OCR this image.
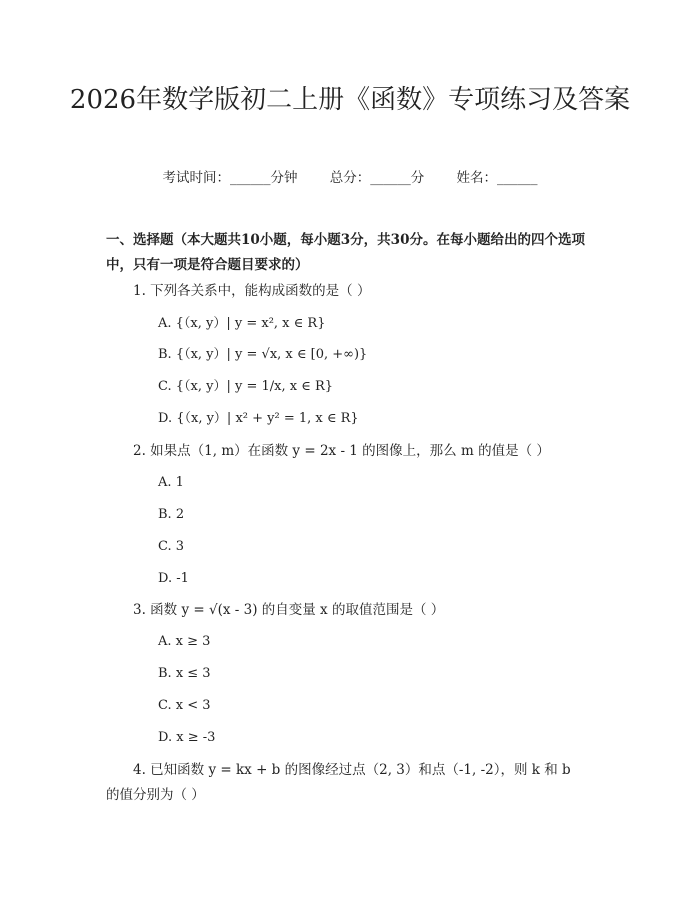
2026年数学版初二上册《函数》专项练习及答案
考试时间：______分钟 总分：______分 姓名：______
一、选择题（本大题共10小题，每小题3分，共30分。在每小题给出的四个选项中，只有一项是符合题目要求的）
1. 下列各关系中，能构成函数的是（ ）
A. {（x, y）| y = x², x ∈ R}
B. {（x, y）| y = √x, x ∈ [0, +∞)}
C. {（x, y）| y = 1/x, x ∈ R}
D. {（x, y）| x² + y² = 1, x ∈ R}
2. 如果点（1, m）在函数 y = 2x - 1 的图像上，那么 m 的值是（ ）
A. 1
B. 2
C. 3
D. -1
3. 函数 y = √(x - 3) 的自变量 x 的取值范围是（ ）
A. x ≥ 3
B. x ≤ 3
C. x < 3
D. x ≥ -3
4. 已知函数 y = kx + b 的图像经过点（2, 3）和点（-1, -2），则 k 和 b 的值分别为（ ）
